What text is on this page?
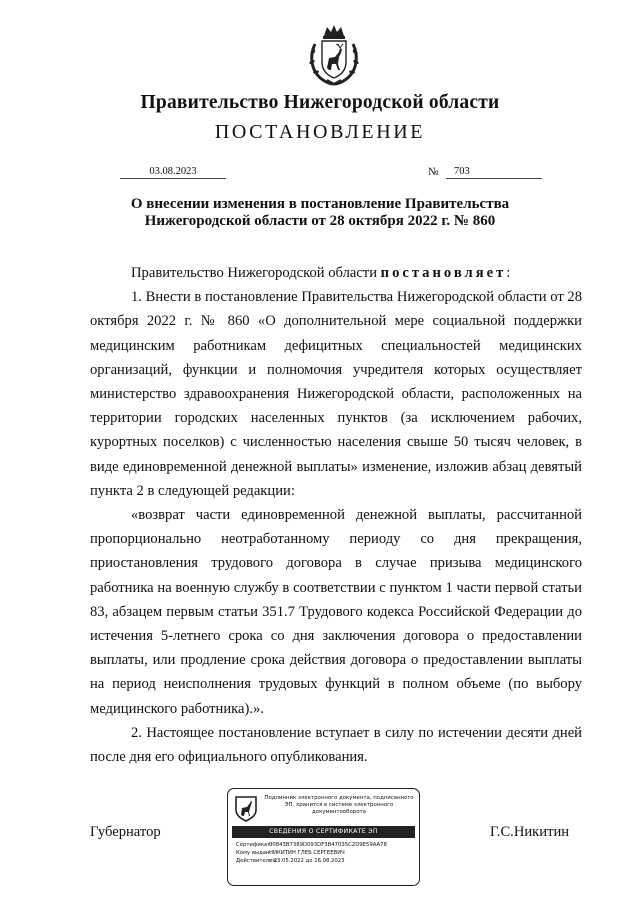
Правительство Нижегородской области
ПОСТАНОВЛЕНИЕ
03.08.2023	№	703
О внесении изменения в постановление Правительства
Нижегородской области от 28 октября 2022 г. № 860

Правительство Нижегородской области постановляет:

1. Внести в постановление Правительства Нижегородской области от 28 октября 2022 г. № 860 «О дополнительной мере социальной поддержки медицинским работникам дефицитных специальностей медицинских организаций, функции и полномочия учредителя которых осуществляет министерство здравоохранения Нижегородской области, расположенных на территории городских населенных пунктов (за исключением рабочих, курортных поселков) с численностью населения свыше 50 тысяч человек, в виде единовременной денежной выплаты» изменение, изложив абзац девятый пункта 2 в следующей редакции:

«возврат части единовременной денежной выплаты, рассчитанной пропорционально неотработанному периоду со дня прекращения, приостановления трудового договора в случае призыва медицинского работника на военную службу в соответствии с пунктом 1 части первой статьи 83, абзацем первым статьи 351.7 Трудового кодекса Российской Федерации до истечения 5-летнего срока со дня заключения договора о предоставлении выплаты, или продление срока действия договора о предоставлении выплаты на период неисполнения трудовых функций в полном объеме (по выбору медицинского работника).».

2. Настоящее постановление вступает в силу по истечении десяти дней после дня его официального опубликования.

Губернатор	Г.С.Никитин
Подлинник электронного документа, подписанного ЭП, хранится в системе электронного документооборота
СВЕДЕНИЯ О СЕРТИФИКАТЕ ЭП
Сертификат:00843B7389D093DF3B47035C2D9E59AA78
Кому выдан:НИКИТИН ГЛЕБ СЕРГЕЕВИЧ
Действителен:с 23.05.2022 до 16.08.2023
